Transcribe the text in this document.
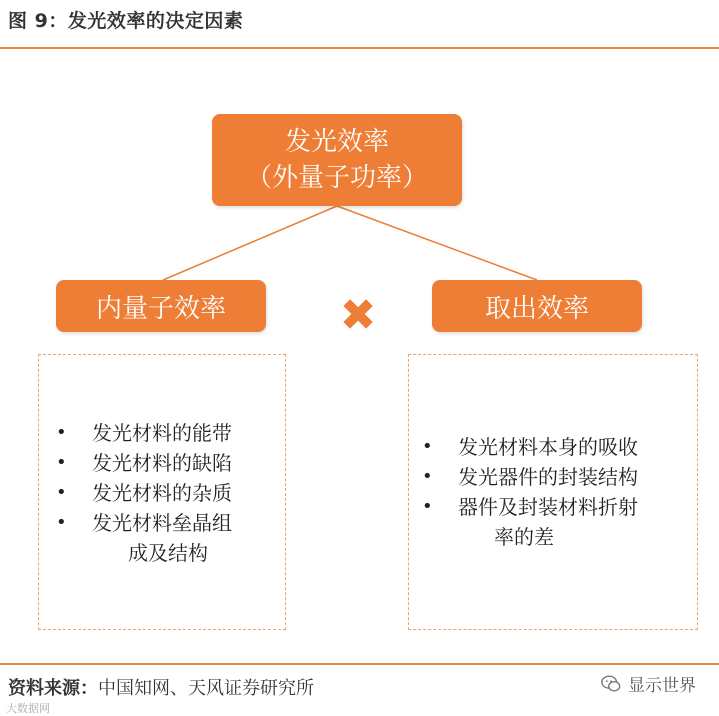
图 9：发光效率的决定因素
发光效率
（外量子功率）
内量子效率	✖	取出效率
• 发光材料的能带
• 发光材料的缺陷
• 发光材料的杂质
• 发光材料垒晶组
成及结构
• 发光材料本身的吸收
• 发光器件的封装结构
• 器件及封装材料折射
率的差
资料来源：中国知网、天风证券研究所	显示世界
大数据网
